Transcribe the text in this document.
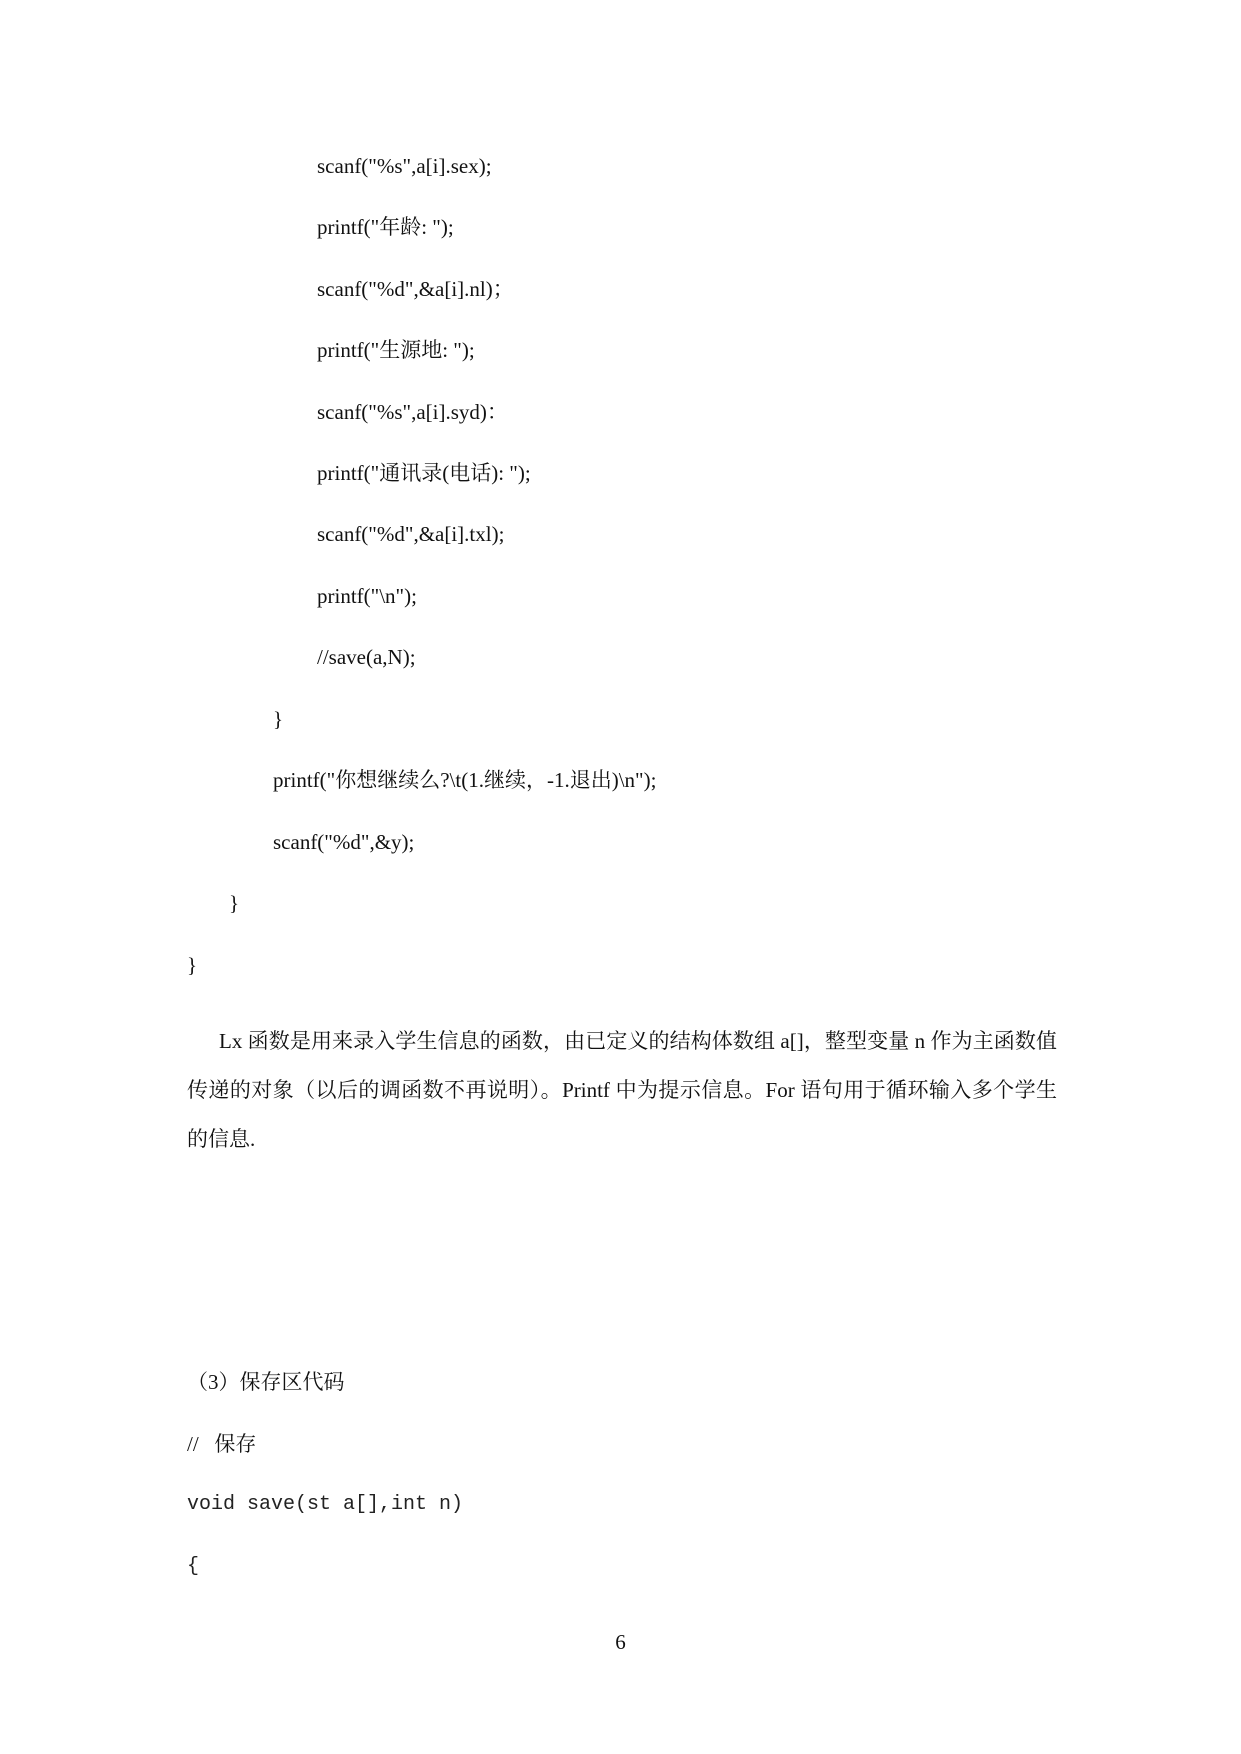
scanf("%s",a[i].sex);
printf("年龄: ");
scanf("%d",&a[i].nl)；
printf("生源地: ");
scanf("%s",a[i].syd)：
printf("通讯录(电话): ");
scanf("%d",&a[i].txl);
printf("\n");
//save(a,N);
}
printf("你想继续么?\t(1.继续，-1.退出)\n");
scanf("%d",&y);
}
}

Lx 函数是用来录入学生信息的函数，由已定义的结构体数组 a[]，整型变量 n 作为主函数值传递的对象（以后的调函数不再说明）。Printf 中为提示信息。For 语句用于循环输入多个学生的信息.

（3）保存区代码
//   保存
void save(st a[],int n)
{
6
